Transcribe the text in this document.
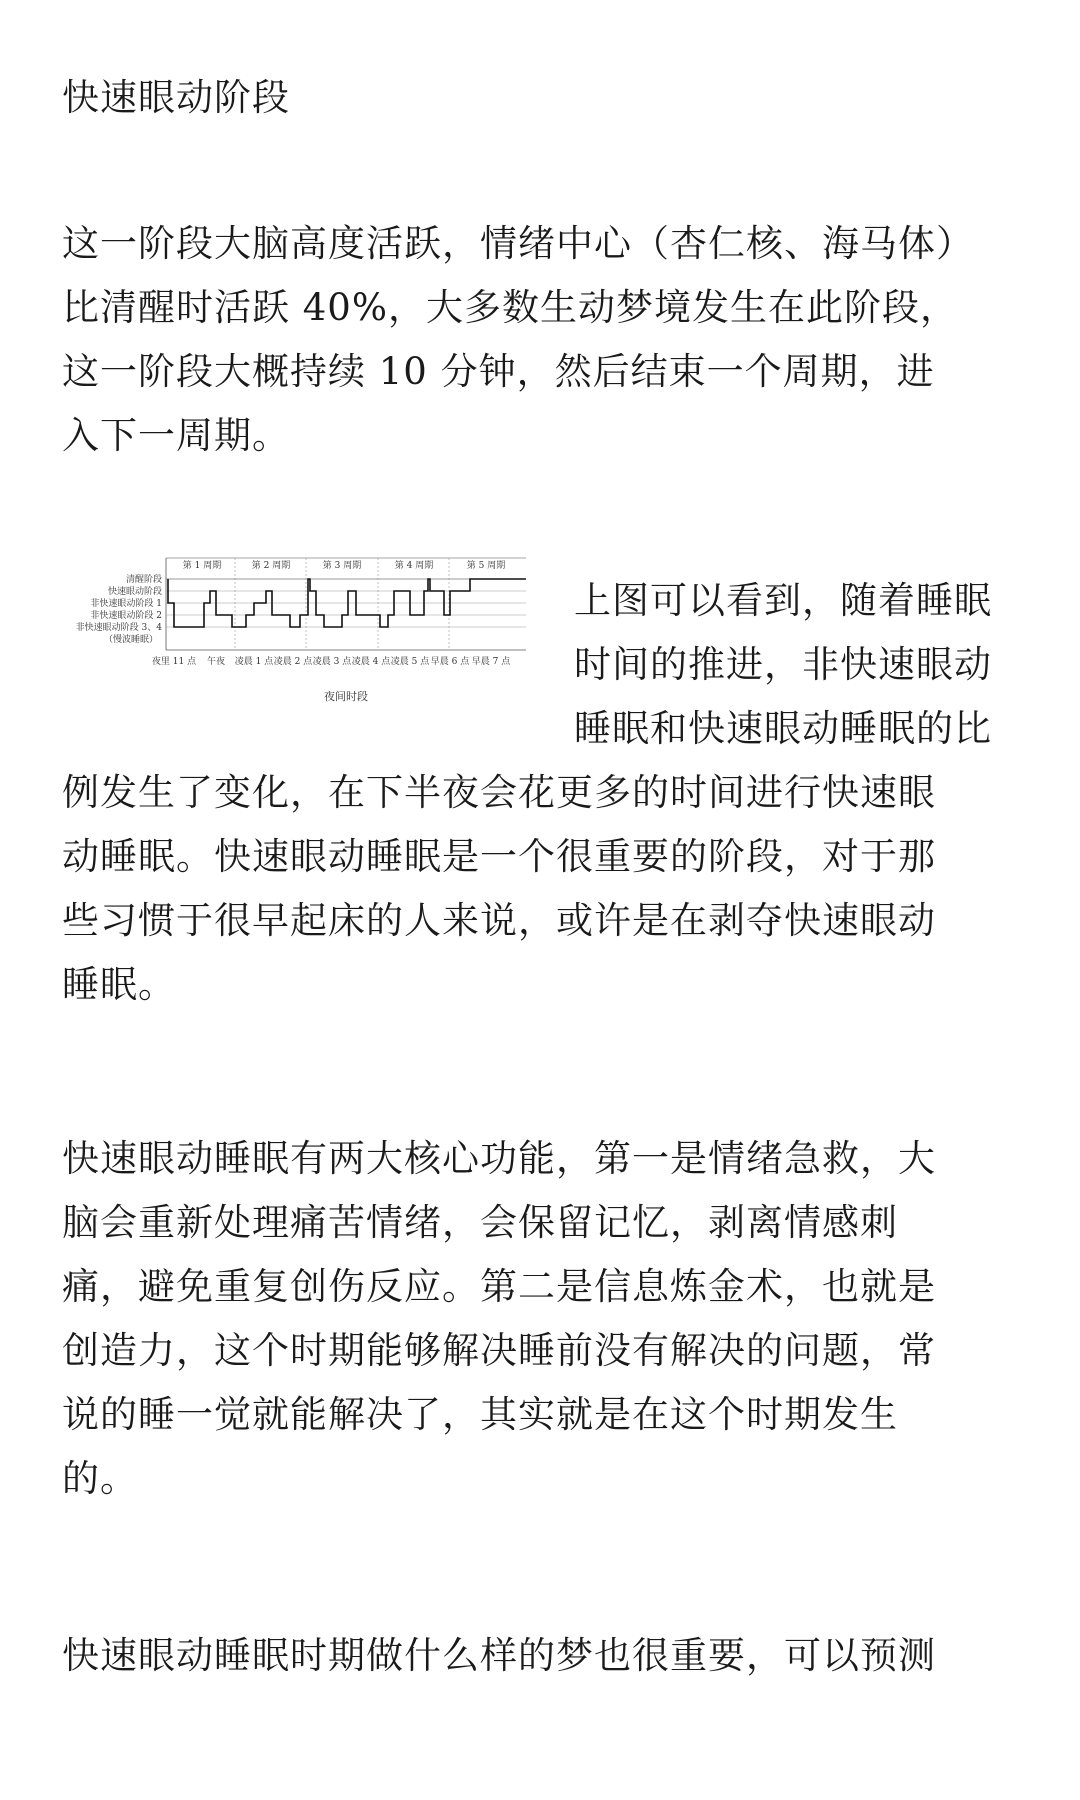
快速眼动阶段
这一阶段大脑高度活跃，情绪中心（杏仁核、海马体）
比清醒时活跃 40%，大多数生动梦境发生在此阶段，
这一阶段大概持续 10 分钟，然后结束一个周期，进
入下一周期。
清醒阶段
快速眼动阶段
非快速眼动阶段 1
非快速眼动阶段 2
非快速眼动阶段 3、4
（慢波睡眠）
第 1 周期	第 2 周期	第 3 周期	第 4 周期	第 5 周期
夜里 11 点 午夜 凌晨 1 点 凌晨 2 点 凌晨 3 点 凌晨 4 点 凌晨 5 点 早晨 6 点 早晨 7 点
夜间时段
上图可以看到，随着睡眠
时间的推进，非快速眼动
睡眠和快速眼动睡眠的比
例发生了变化，在下半夜会花更多的时间进行快速眼
动睡眠。快速眼动睡眠是一个很重要的阶段，对于那
些习惯于很早起床的人来说，或许是在剥夺快速眼动
睡眠。
快速眼动睡眠有两大核心功能，第一是情绪急救，大
脑会重新处理痛苦情绪，会保留记忆，剥离情感刺
痛，避免重复创伤反应。第二是信息炼金术，也就是
创造力，这个时期能够解决睡前没有解决的问题，常
说的睡一觉就能解决了，其实就是在这个时期发生
的。
快速眼动睡眠时期做什么样的梦也很重要，可以预测
